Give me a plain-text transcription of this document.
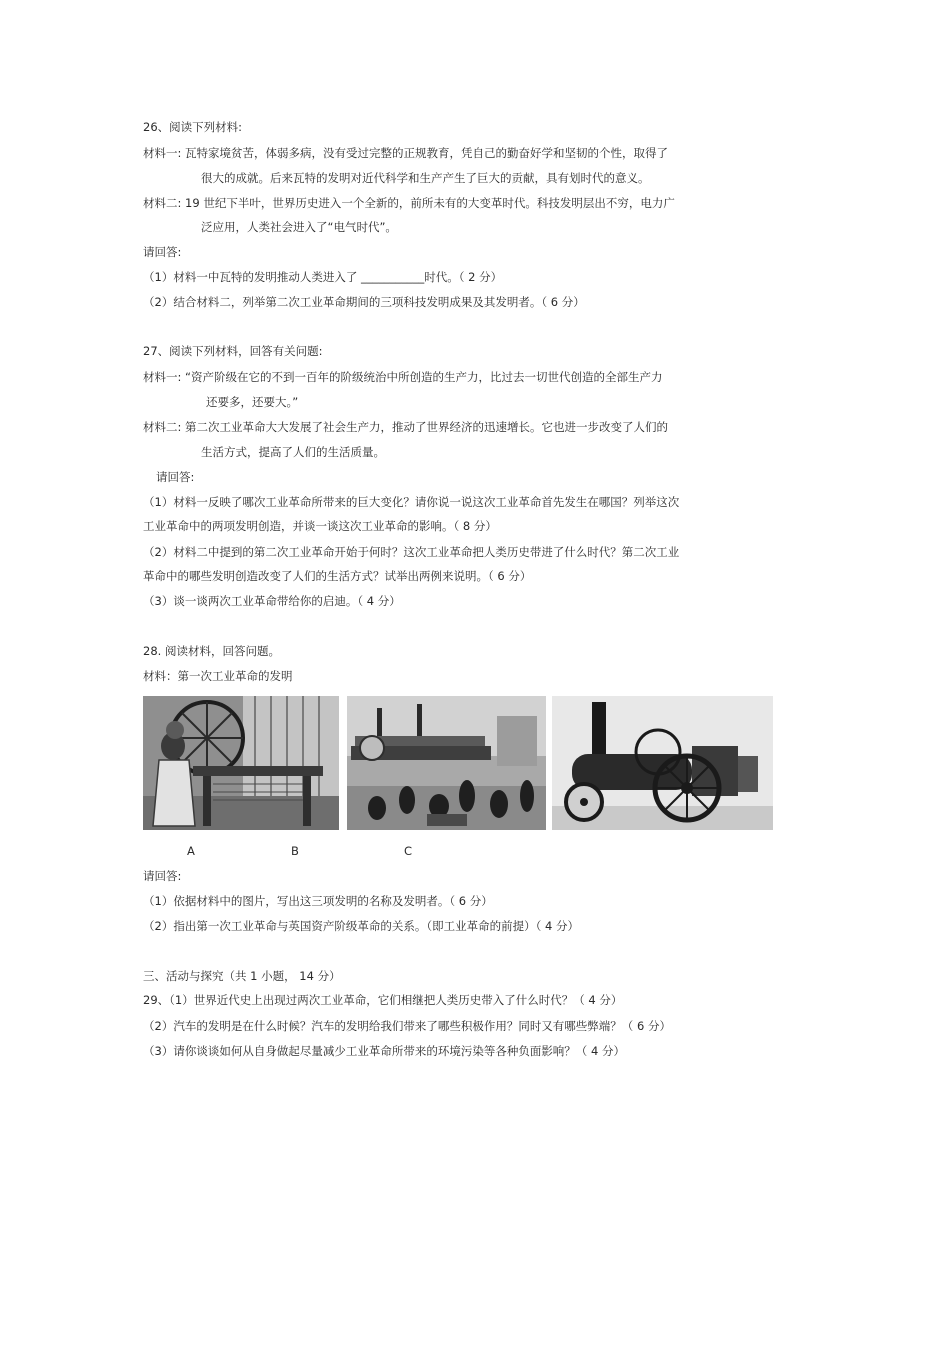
26、阅读下列材料:
材料一: 瓦特家境贫苦，体弱多病，没有受过完整的正规教育，凭自己的勤奋好学和坚韧的个性，取得了
很大的成就。后来瓦特的发明对近代科学和生产产生了巨大的贡献，具有划时代的意义。
材料二: 19 世纪下半叶，世界历史进入一个全新的，前所未有的大变革时代。科技发明层出不穷，电力广
泛应用，人类社会进入了“电气时代”。
请回答:
（1）材料一中瓦特的发明推动人类进入了 ___________时代。（ 2 分）
（2）结合材料二，列举第二次工业革命期间的三项科技发明成果及其发明者。（ 6 分）
27、阅读下列材料，回答有关问题:
材料一: “资产阶级在它的不到一百年的阶级统治中所创造的生产力，比过去一切世代创造的全部生产力
还要多，还要大。”
材料二: 第二次工业革命大大发展了社会生产力，推动了世界经济的迅速增长。它也进一步改变了人们的
生活方式，提高了人们的生活质量。
请回答:
（1）材料一反映了哪次工业革命所带来的巨大变化？请你说一说这次工业革命首先发生在哪国？列举这次
工业革命中的两项发明创造，并谈一谈这次工业革命的影响。（ 8 分）
（2）材料二中提到的第二次工业革命开始于何时？这次工业革命把人类历史带进了什么时代？第二次工业
革命中的哪些发明创造改变了人们的生活方式？试举出两例来说明。（ 6 分）
（3）谈一谈两次工业革命带给你的启迪。（ 4 分）
28. 阅读材料，回答问题。
材料：第一次工业革命的发明
A	B	C
请回答:
（1）依据材料中的图片，写出这三项发明的名称及发明者。（ 6 分）
（2）指出第一次工业革命与英国资产阶级革命的关系。（即工业革命的前提）（ 4 分）
三、活动与探究（共 1 小题， 14 分）
29、（1）世界近代史上出现过两次工业革命，它们相继把人类历史带入了什么时代？（ 4 分）
（2）汽车的发明是在什么时候？汽车的发明给我们带来了哪些积极作用？同时又有哪些弊端？（ 6 分）
（3）请你谈谈如何从自身做起尽量减少工业革命所带来的环境污染等各种负面影响？（ 4 分）
